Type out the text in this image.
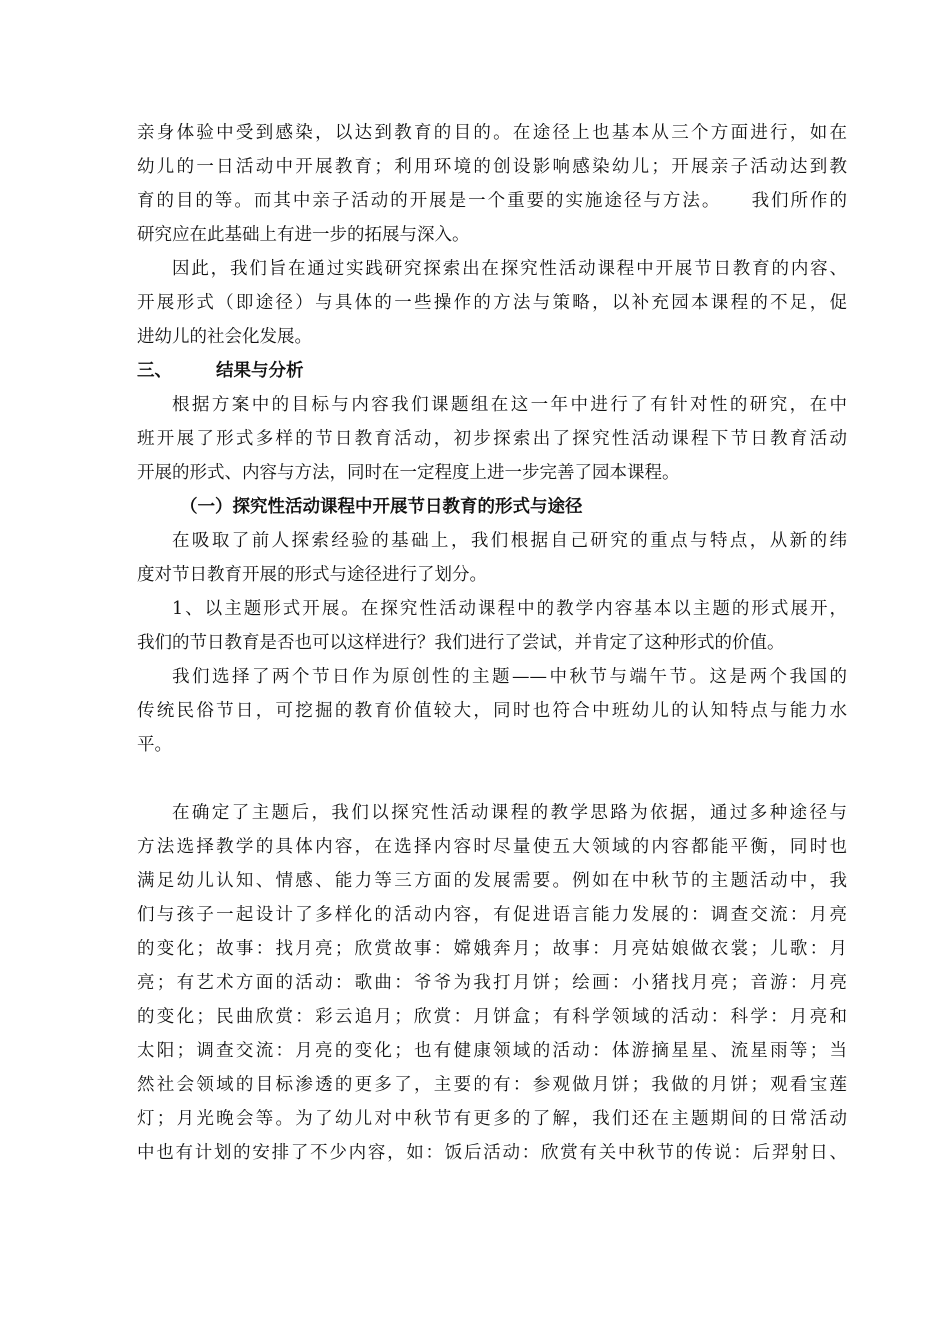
亲身体验中受到感染，以达到教育的目的。在途径上也基本从三个方面进行，如在
幼儿的一日活动中开展教育；利用环境的创设影响感染幼儿；开展亲子活动达到教
育的目的等。而其中亲子活动的开展是一个重要的实施途径与方法。　　我们所作的
研究应在此基础上有进一步的拓展与深入。
因此，我们旨在通过实践研究探索出在探究性活动课程中开展节日教育的内容、
开展形式（即途径）与具体的一些操作的方法与策略，以补充园本课程的不足，促
进幼儿的社会化发展。
三、	结果与分析
根据方案中的目标与内容我们课题组在这一年中进行了有针对性的研究，在中
班开展了形式多样的节日教育活动，初步探索出了探究性活动课程下节日教育活动
开展的形式、内容与方法，同时在一定程度上进一步完善了园本课程。
（一）探究性活动课程中开展节日教育的形式与途径
在吸取了前人探索经验的基础上，我们根据自己研究的重点与特点，从新的纬
度对节日教育开展的形式与途径进行了划分。
1、以主题形式开展。在探究性活动课程中的教学内容基本以主题的形式展开，
我们的节日教育是否也可以这样进行？我们进行了尝试，并肯定了这种形式的价值。
我们选择了两个节日作为原创性的主题——中秋节与端午节。这是两个我国的
传统民俗节日，可挖掘的教育价值较大，同时也符合中班幼儿的认知特点与能力水
平。
在确定了主题后，我们以探究性活动课程的教学思路为依据，通过多种途径与
方法选择教学的具体内容，在选择内容时尽量使五大领域的内容都能平衡，同时也
满足幼儿认知、情感、能力等三方面的发展需要。例如在中秋节的主题活动中，我
们与孩子一起设计了多样化的活动内容，有促进语言能力发展的：调查交流：月亮
的变化；故事：找月亮；欣赏故事：嫦娥奔月；故事：月亮姑娘做衣裳；儿歌：月
亮；有艺术方面的活动：歌曲：爷爷为我打月饼；绘画：小猪找月亮；音游：月亮
的变化；民曲欣赏：彩云追月；欣赏：月饼盒；有科学领域的活动：科学：月亮和
太阳；调查交流：月亮的变化；也有健康领域的活动：体游摘星星、流星雨等；当
然社会领域的目标渗透的更多了，主要的有：参观做月饼；我做的月饼；观看宝莲
灯；月光晚会等。为了幼儿对中秋节有更多的了解，我们还在主题期间的日常活动
中也有计划的安排了不少内容，如：饭后活动：欣赏有关中秋节的传说：后羿射日、
